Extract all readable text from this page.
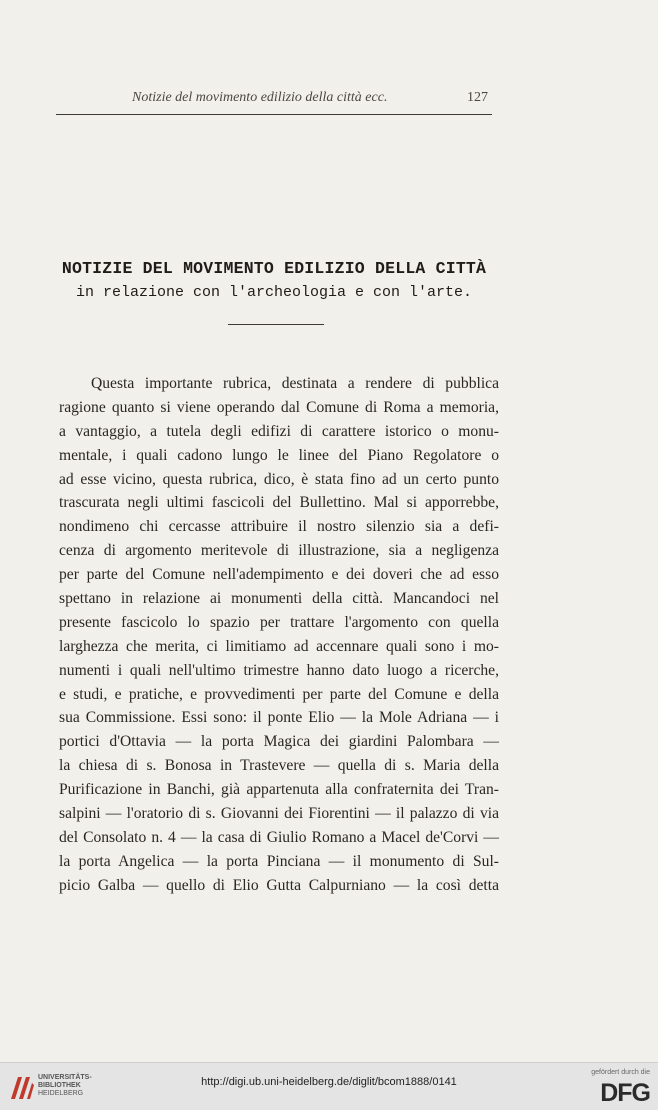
Notizie del movimento edilizio della città ecc.	127
NOTIZIE DEL MOVIMENTO EDILIZIO DELLA CITTÀ
in relazione con l'archeologia e con l'arte.
Questa importante rubrica, destinata a rendere di pubblica
ragione quanto si viene operando dal Comune di Roma a memoria,
a vantaggio, a tutela degli edifizi di carattere istorico o monu-
mentale, i quali cadono lungo le linee del Piano Regolatore o
ad esse vicino, questa rubrica, dico, è stata fino ad un certo punto
trascurata negli ultimi fascicoli del Bullettino. Mal si apporrebbe,
nondimeno chi cercasse attribuire il nostro silenzio sia a defi-
cenza di argomento meritevole di illustrazione, sia a negligenza
per parte del Comune nell'adempimento e dei doveri che ad esso
spettano in relazione ai monumenti della città. Mancandoci nel
presente fascicolo lo spazio per trattare l'argomento con quella
larghezza che merita, ci limitiamo ad accennare quali sono i mo-
numenti i quali nell'ultimo trimestre hanno dato luogo a ricerche,
e studi, e pratiche, e provvedimenti per parte del Comune e della
sua Commissione. Essi sono: il ponte Elio — la Mole Adriana — i
portici d'Ottavia — la porta Magica dei giardini Palombara —
la chiesa di s. Bonosa in Trastevere — quella di s. Maria della
Purificazione in Banchi, già appartenuta alla confraternita dei Tran-
salpini — l'oratorio di s. Giovanni dei Fiorentini — il palazzo di via
del Consolato n. 4 — la casa di Giulio Romano a Macel de'Corvi —
la porta Angelica — la porta Pinciana — il monumento di Sul-
picio Galba — quello di Elio Gutta Calpurniano — la così detta
UNIVERSITÄTS-
BIBLIOTHEK
HEIDELBERG
http://digi.ub.uni-heidelberg.de/diglit/bcom1888/0141
gefördert durch die
DFG
